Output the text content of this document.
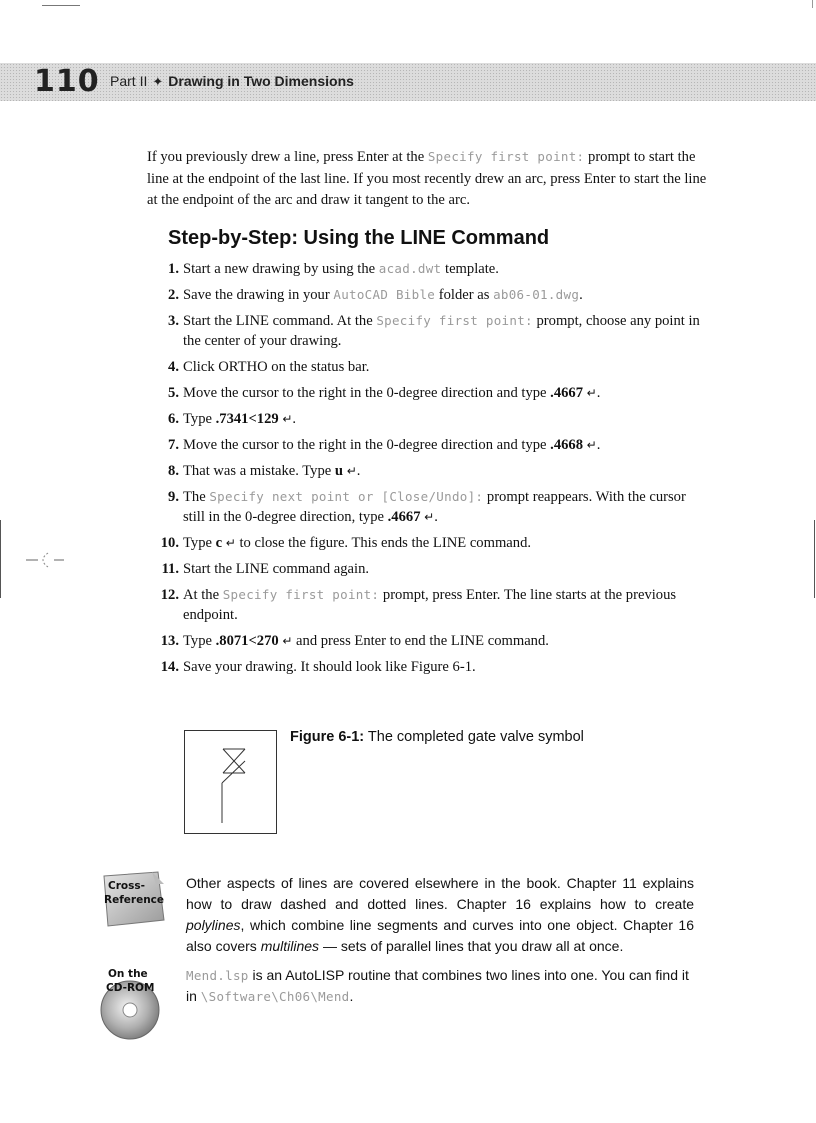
110 Part II ✦ Drawing in Two Dimensions

If you previously drew a line, press Enter at the Specify first point: prompt to start the line at the endpoint of the last line. If you most recently drew an arc, press Enter to start the line at the endpoint of the arc and draw it tangent to the arc.

Step-by-Step: Using the LINE Command
1. Start a new drawing by using the acad.dwt template.
2. Save the drawing in your AutoCAD Bible folder as ab06-01.dwg.
3. Start the LINE command. At the Specify first point: prompt, choose any point in the center of your drawing.
4. Click ORTHO on the status bar.
5. Move the cursor to the right in the 0-degree direction and type .4667 ↵.
6. Type .7341<129 ↵.
7. Move the cursor to the right in the 0-degree direction and type .4668 ↵.
8. That was a mistake. Type u ↵.
9. The Specify next point or [Close/Undo]: prompt reappears. With the cursor still in the 0-degree direction, type .4667 ↵.
10. Type c ↵ to close the figure. This ends the LINE command.
11. Start the LINE command again.
12. At the Specify first point: prompt, press Enter. The line starts at the previous endpoint.
13. Type .8071<270 ↵ and press Enter to end the LINE command.
14. Save your drawing. It should look like Figure 6-1.
Figure 6-1: The completed gate valve symbol
Cross-
Reference

Other aspects of lines are covered elsewhere in the book. Chapter 11 explains how to draw dashed and dotted lines. Chapter 16 explains how to create polylines, which combine line segments and curves into one object. Chapter 16 also covers multilines — sets of parallel lines that you draw all at once.

On the
CD-ROM

Mend.lsp is an AutoLISP routine that combines two lines into one. You can find it in \Software\Ch06\Mend.
